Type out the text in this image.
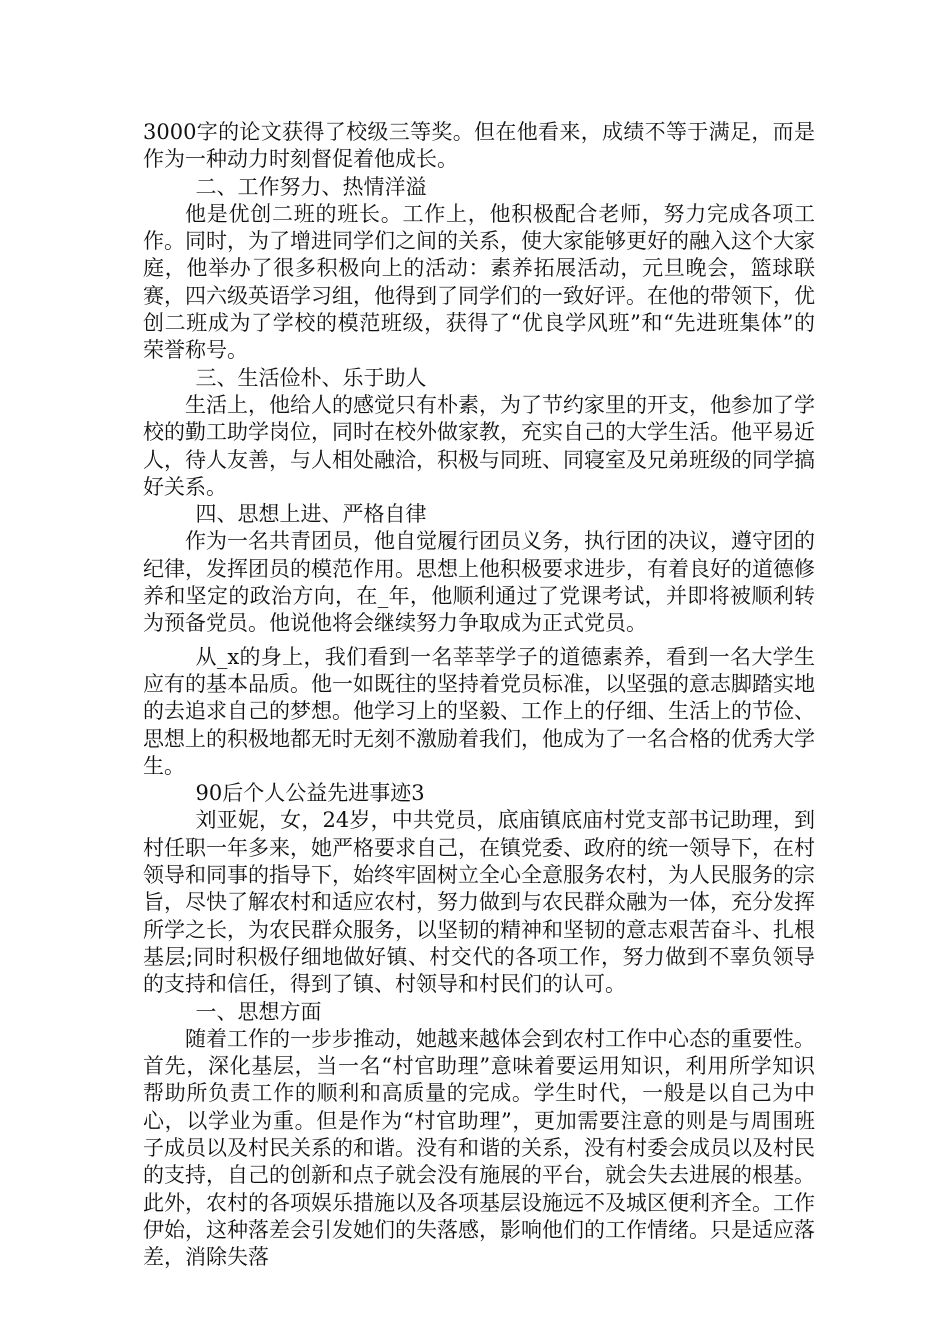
3000字的论文获得了校级三等奖。但在他看来，成绩不等于满足，而是作为一种动力时刻督促着他成长。

二、工作努力、热情洋溢

他是优创二班的班长。工作上，他积极配合老师，努力完成各项工作。同时，为了增进同学们之间的关系，使大家能够更好的融入这个大家庭，他举办了很多积极向上的活动：素养拓展活动，元旦晚会，篮球联赛，四六级英语学习组，他得到了同学们的一致好评。在他的带领下，优创二班成为了学校的模范班级，获得了“优良学风班”和“先进班集体”的荣誉称号。

三、生活俭朴、乐于助人

生活上，他给人的感觉只有朴素，为了节约家里的开支，他参加了学校的勤工助学岗位，同时在校外做家教，充实自己的大学生活。他平易近人，待人友善，与人相处融洽，积极与同班、同寝室及兄弟班级的同学搞好关系。

四、思想上进、严格自律

作为一名共青团员，他自觉履行团员义务，执行团的决议，遵守团的纪律，发挥团员的模范作用。思想上他积极要求进步，有着良好的道德修养和坚定的政治方向，在_年，他顺利通过了党课考试，并即将被顺利转为预备党员。他说他将会继续努力争取成为正式党员。

从_x的身上，我们看到一名莘莘学子的道德素养，看到一名大学生应有的基本品质。他一如既往的坚持着党员标准，以坚强的意志脚踏实地的去追求自己的梦想。他学习上的坚毅、工作上的仔细、生活上的节俭、思想上的积极地都无时无刻不激励着我们，他成为了一名合格的优秀大学生。

90后个人公益先进事迹3

刘亚妮，女，24岁，中共党员，底庙镇底庙村党支部书记助理，到村任职一年多来，她严格要求自己，在镇党委、政府的统一领导下，在村领导和同事的指导下，始终牢固树立全心全意服务农村，为人民服务的宗旨，尽快了解农村和适应农村，努力做到与农民群众融为一体，充分发挥所学之长，为农民群众服务，以坚韧的精神和坚韧的意志艰苦奋斗、扎根基层;同时积极仔细地做好镇、村交代的各项工作，努力做到不辜负领导的支持和信任，得到了镇、村领导和村民们的认可。

一、思想方面

随着工作的一步步推动，她越来越体会到农村工作中心态的重要性。首先，深化基层，当一名“村官助理”意味着要运用知识，利用所学知识帮助所负责工作的顺利和高质量的完成。学生时代，一般是以自己为中心，以学业为重。但是作为“村官助理”，更加需要注意的则是与周围班子成员以及村民关系的和谐。没有和谐的关系，没有村委会成员以及村民的支持，自己的创新和点子就会没有施展的平台，就会失去进展的根基。此外，农村的各项娱乐措施以及各项基层设施远不及城区便利齐全。工作伊始，这种落差会引发她们的失落感，影响他们的工作情绪。只是适应落差，消除失落
